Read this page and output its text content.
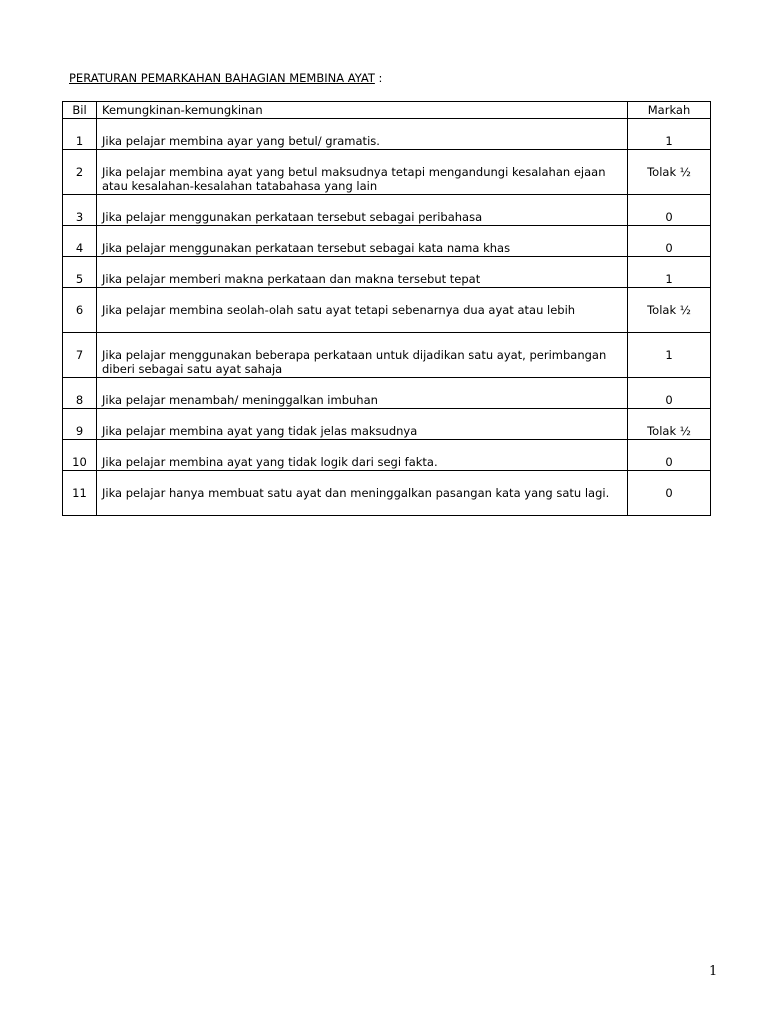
PERATURAN PEMARKAHAN BAHAGIAN MEMBINA AYAT :
Bil	Kemungkinan-kemungkinan	Markah
1	Jika pelajar membina ayar yang betul/ gramatis.	1
2	Jika pelajar membina ayat yang betul maksudnya tetapi mengandungi kesalahan ejaan atau kesalahan-kesalahan tatabahasa yang lain	Tolak ½
3	Jika pelajar menggunakan perkataan tersebut sebagai peribahasa	0
4	Jika pelajar menggunakan perkataan tersebut sebagai kata nama khas	0
5	Jika pelajar memberi makna perkataan dan makna tersebut tepat	1
6	Jika pelajar membina seolah-olah satu ayat tetapi sebenarnya dua ayat atau lebih	Tolak ½
7	Jika pelajar menggunakan beberapa perkataan untuk dijadikan satu ayat, perimbangan diberi sebagai satu ayat sahaja	1
8	Jika pelajar menambah/ meninggalkan imbuhan	0
9	Jika pelajar membina ayat yang tidak jelas maksudnya	Tolak ½
10	Jika pelajar membina ayat yang tidak logik dari segi fakta.	0
11	Jika pelajar hanya membuat satu ayat dan meninggalkan pasangan kata yang satu lagi.	0
1
